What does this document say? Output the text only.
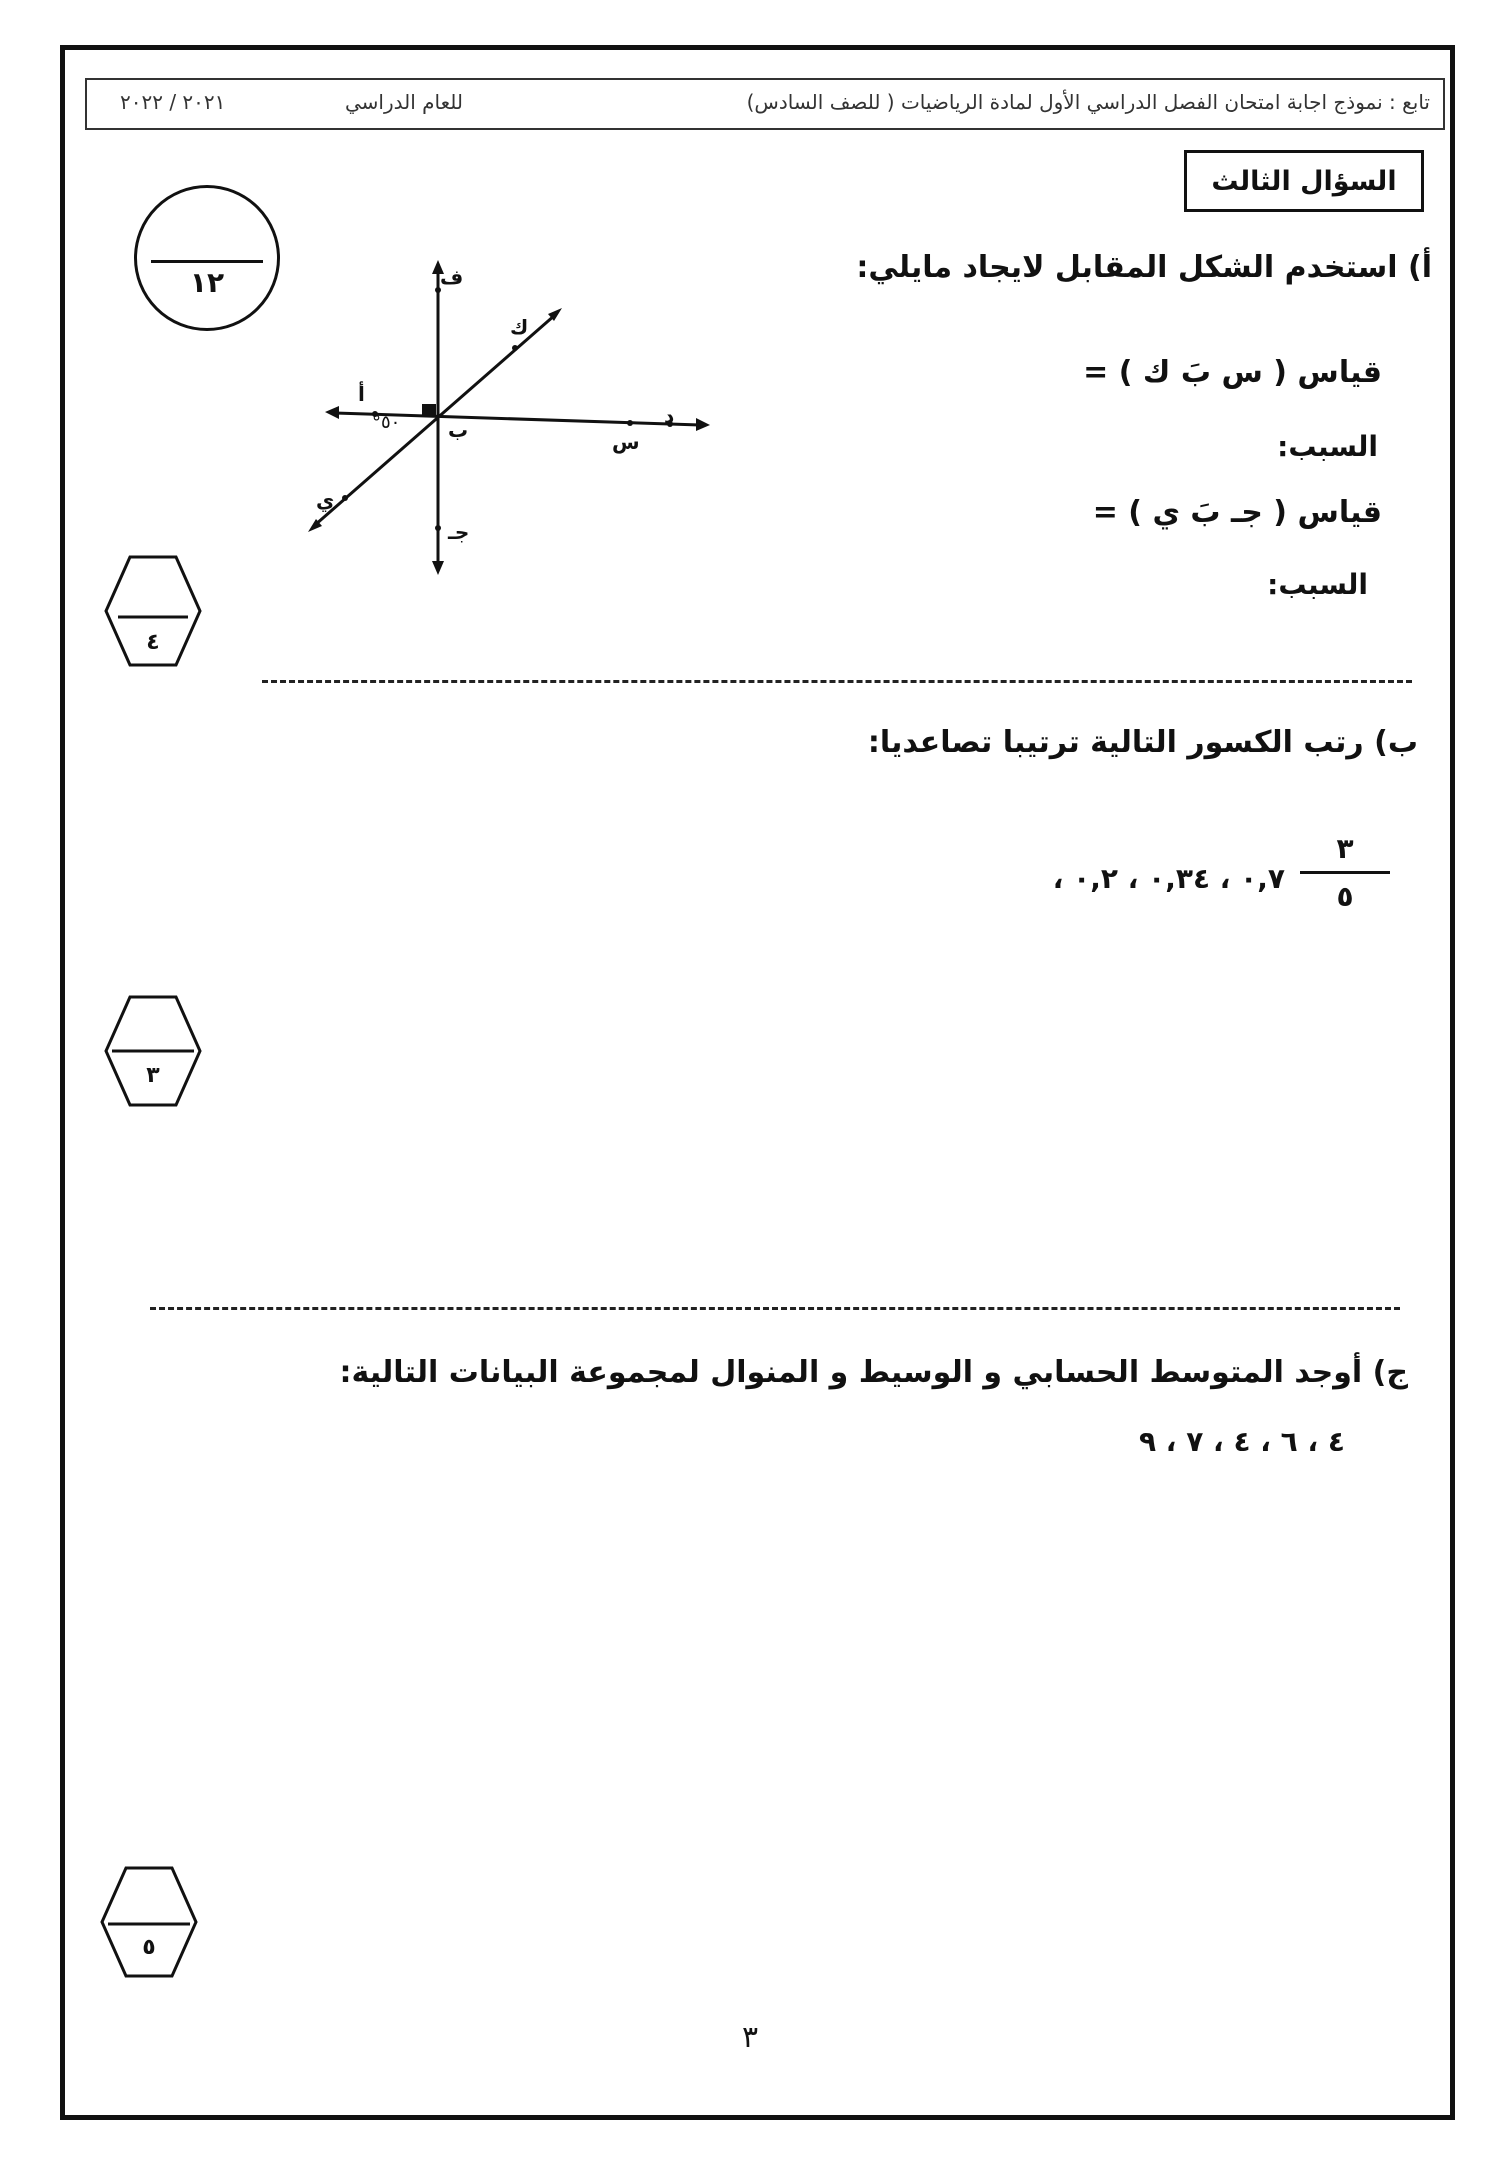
تابع : نموذج اجابة امتحان الفصل الدراسي الأول لمادة الرياضيات ( للصف السادس)
للعام الدراسي
٢٠٢١ / ٢٠٢٢
السؤال الثالث
١٢	أ) استخدم الشكل المقابل لايجاد مايلي:
قياس ( س بَ ك ) =
السبب:
قياس ( جـ بَ ي ) =
السبب:
ف
ك
أ
٥٠° ب	س
د
ي
جـ
٤
ب) رتب الكسور التالية ترتيبا تصاعديا:
٣
٥
٠,٧ ، ٠,٣٤ ، ٠,٢ ،
٣
ج) أوجد المتوسط الحسابي و الوسيط و المنوال لمجموعة البيانات التالية:
٤ ، ٦ ، ٤ ، ٧ ، ٩
٥
٣
